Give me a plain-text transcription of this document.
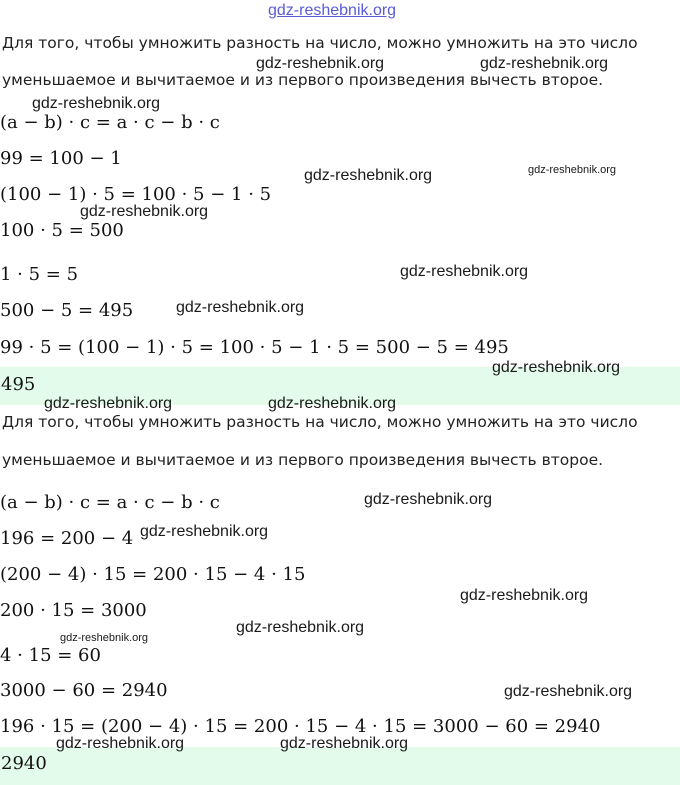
gdz-reshebnik.org
Для того, чтобы умножить разность на число, можно умножить на это число
уменьшаемое и вычитаемое и из первого произведения вычесть второе.
(a − b) · c = a · c − b · c
99 = 100 − 1
(100 − 1) · 5 = 100 · 5 − 1 · 5
100 · 5 = 500
1 · 5 = 5
500 − 5 = 495
99 · 5 = (100 − 1) · 5 = 100 · 5 − 1 · 5 = 500 − 5 = 495
495
Для того, чтобы умножить разность на число, можно умножить на это число
уменьшаемое и вычитаемое и из первого произведения вычесть второе.
(a − b) · c = a · c − b · c
196 = 200 − 4
(200 − 4) · 15 = 200 · 15 − 4 · 15
200 · 15 = 3000
4 · 15 = 60
3000 − 60 = 2940
196 · 15 = (200 − 4) · 15 = 200 · 15 − 4 · 15 = 3000 − 60 = 2940
2940
gdz-reshebnik.org	gdz-reshebnik.org
gdz-reshebnik.org
gdz-reshebnik.org	gdz-reshebnik.org
gdz-reshebnik.org
gdz-reshebnik.org
gdz-reshebnik.org
gdz-reshebnik.org
gdz-reshebnik.org	gdz-reshebnik.org
gdz-reshebnik.org
gdz-reshebnik.org
gdz-reshebnik.org
gdz-reshebnik.org
gdz-reshebnik.org
gdz-reshebnik.org
gdz-reshebnik.org	gdz-reshebnik.org
